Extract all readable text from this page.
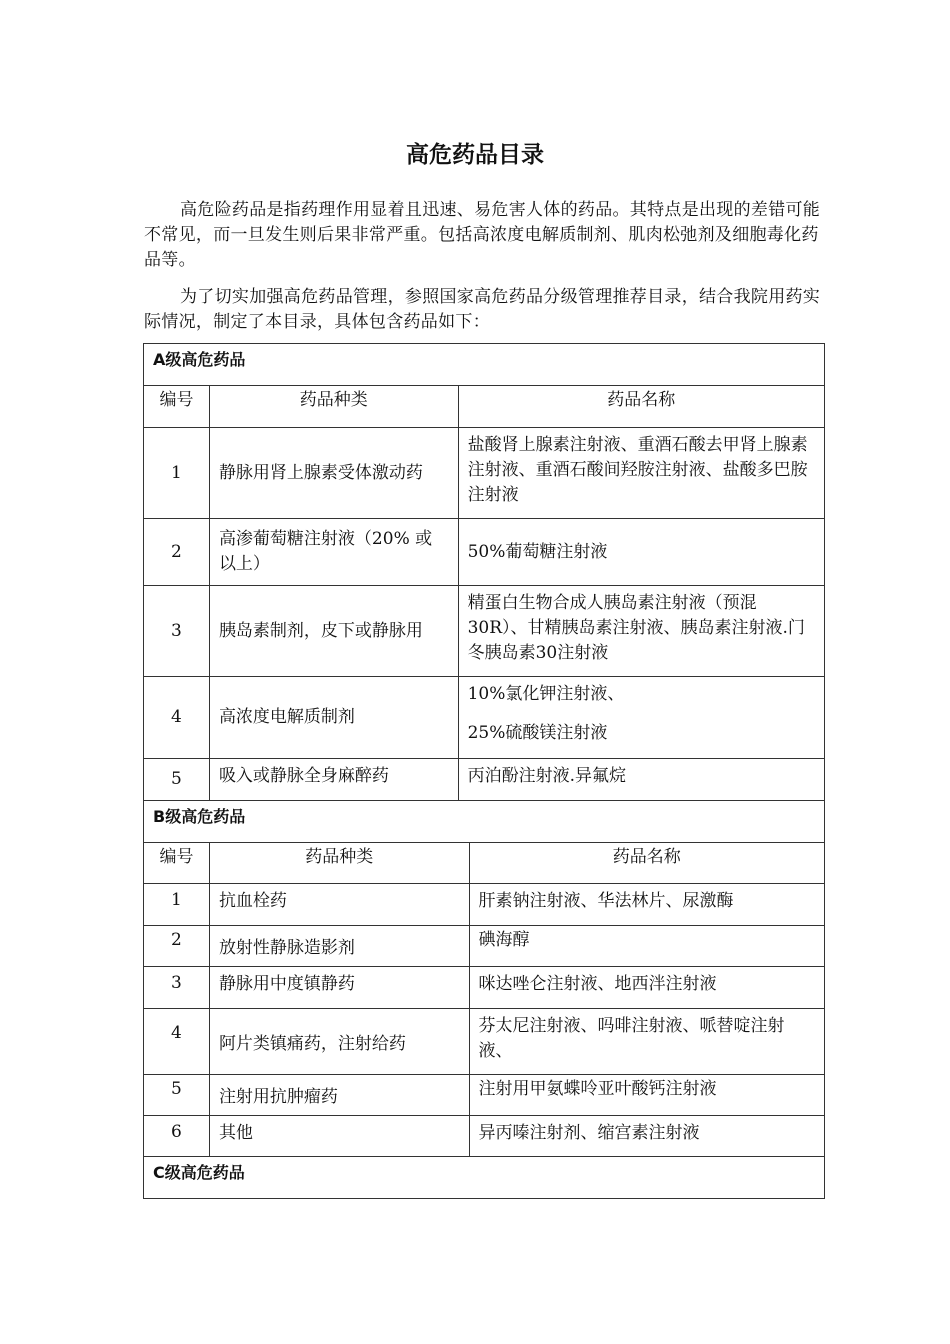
高危药品目录
高危险药品是指药理作用显着且迅速、易危害人体的药品。其特点是出现的差错可能不常见，而一旦发生则后果非常严重。包括高浓度电解质制剂、肌肉松弛剂及细胞毒化药品等。
为了切实加强高危药品管理，参照国家高危药品分级管理推荐目录，结合我院用药实际情况，制定了本目录，具体包含药品如下：
A级高危药品		
编号	药品种类	药品名称
1	静脉用肾上腺素受体激动药	盐酸肾上腺素注射液、重酒石酸去甲肾上腺素注射液、重酒石酸间羟胺注射液、盐酸多巴胺注射液
2	高渗葡萄糖注射液（20% 或以上）	50%葡萄糖注射液
3	胰岛素制剂，皮下或静脉用	精蛋白生物合成人胰岛素注射液（预混30R）、甘精胰岛素注射液、胰岛素注射液.门冬胰岛素30注射液
4	高浓度电解质制剂	10%氯化钾注射液、
25%硫酸镁注射液

5	吸入或静脉全身麻醉药	丙泊酚注射液.异氟烷
B级高危药品		
编号	药品种类	药品名称
1	抗血栓药	肝素钠注射液、华法林片、尿激酶
2	放射性静脉造影剂	碘海醇
3	静脉用中度镇静药	咪达唑仑注射液、地西泮注射液
4	阿片类镇痛药，注射给药	芬太尼注射液、吗啡注射液、哌替啶注射液、
5	注射用抗肿瘤药	注射用甲氨蝶呤亚叶酸钙注射液
6	其他	异丙嗪注射剂、缩宫素注射液
C级高危药品		
